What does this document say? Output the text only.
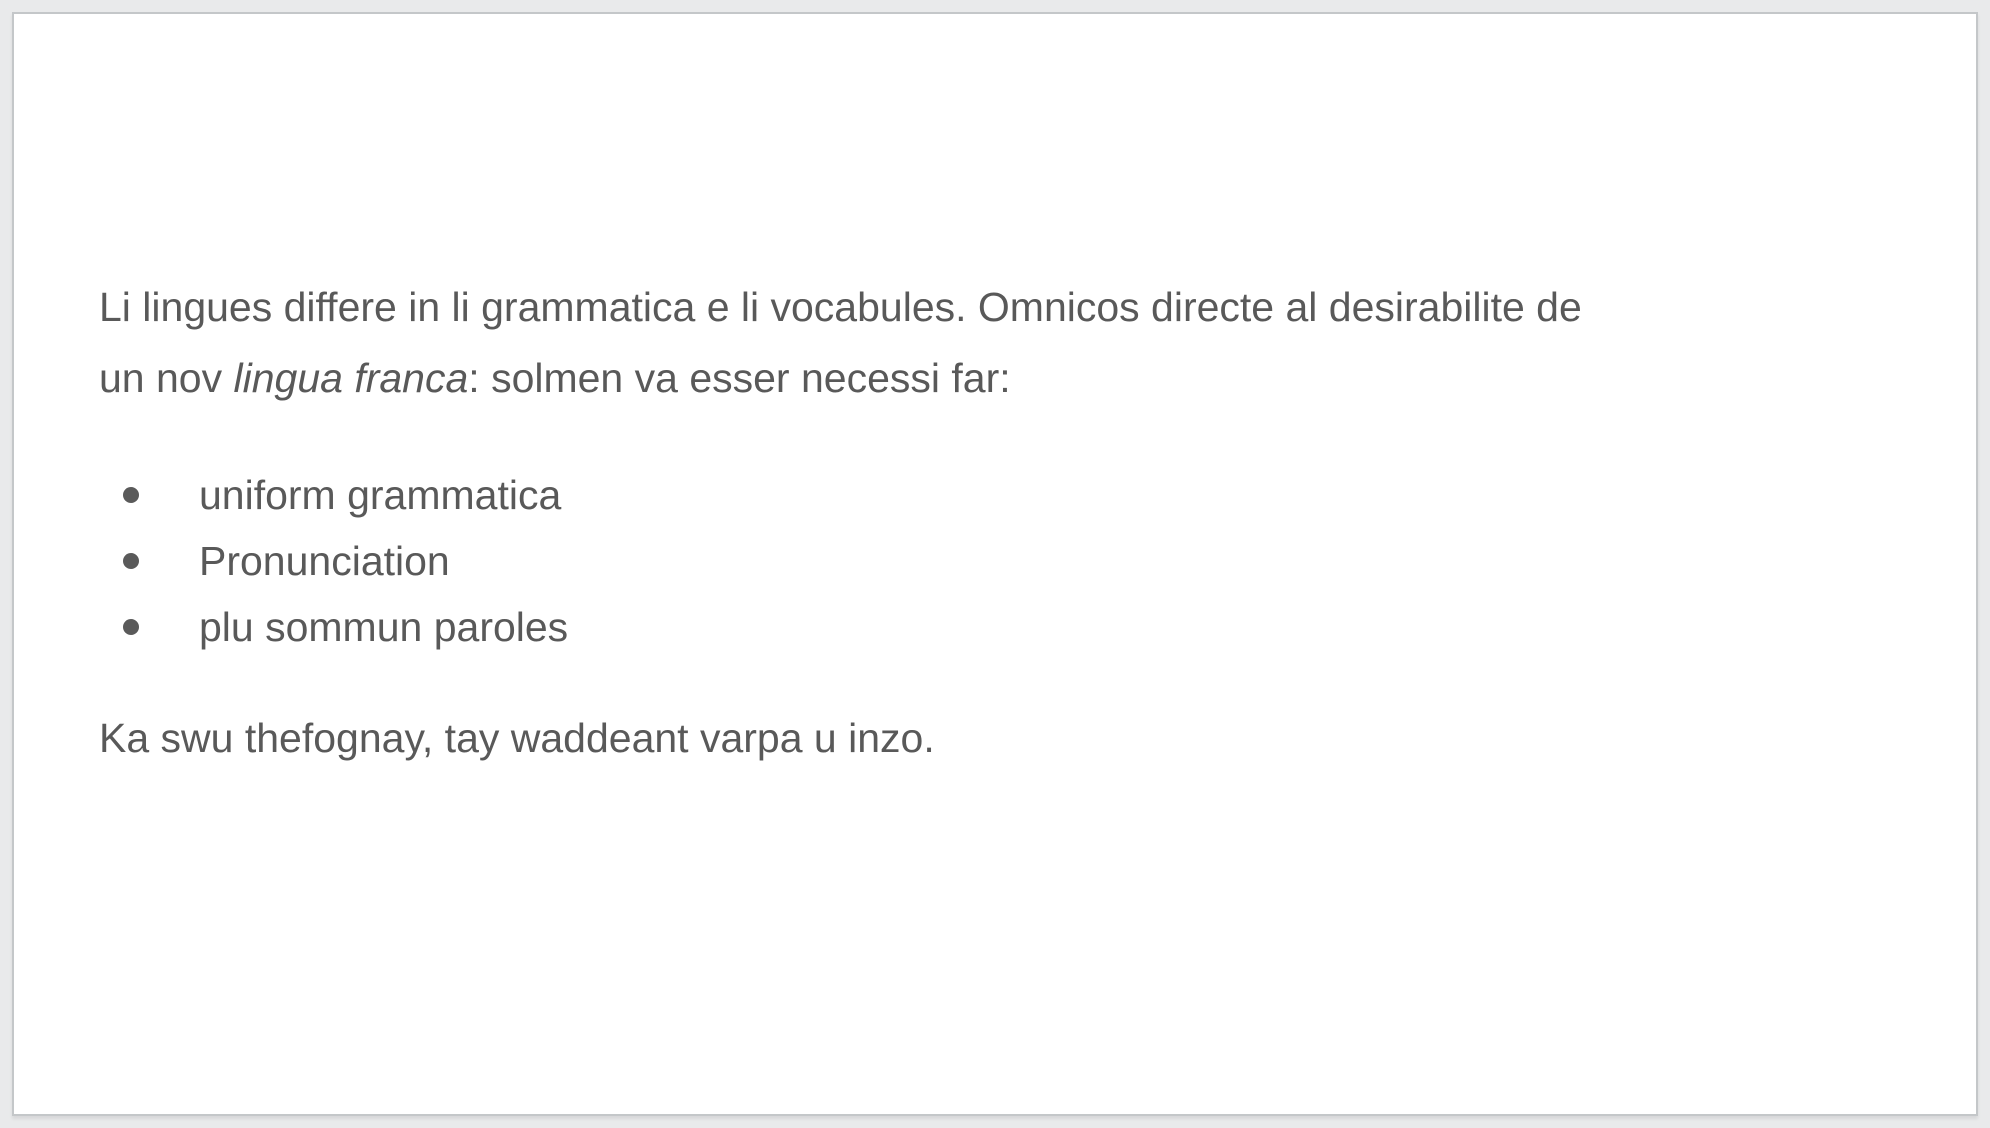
Li lingues differe in li grammatica e li vocabules. Omnicos directe al desirabilite de
un nov lingua franca: solmen va esser necessi far:
uniform grammatica
Pronunciation
plu sommun paroles
Ka swu thefognay, tay waddeant varpa u inzo.
